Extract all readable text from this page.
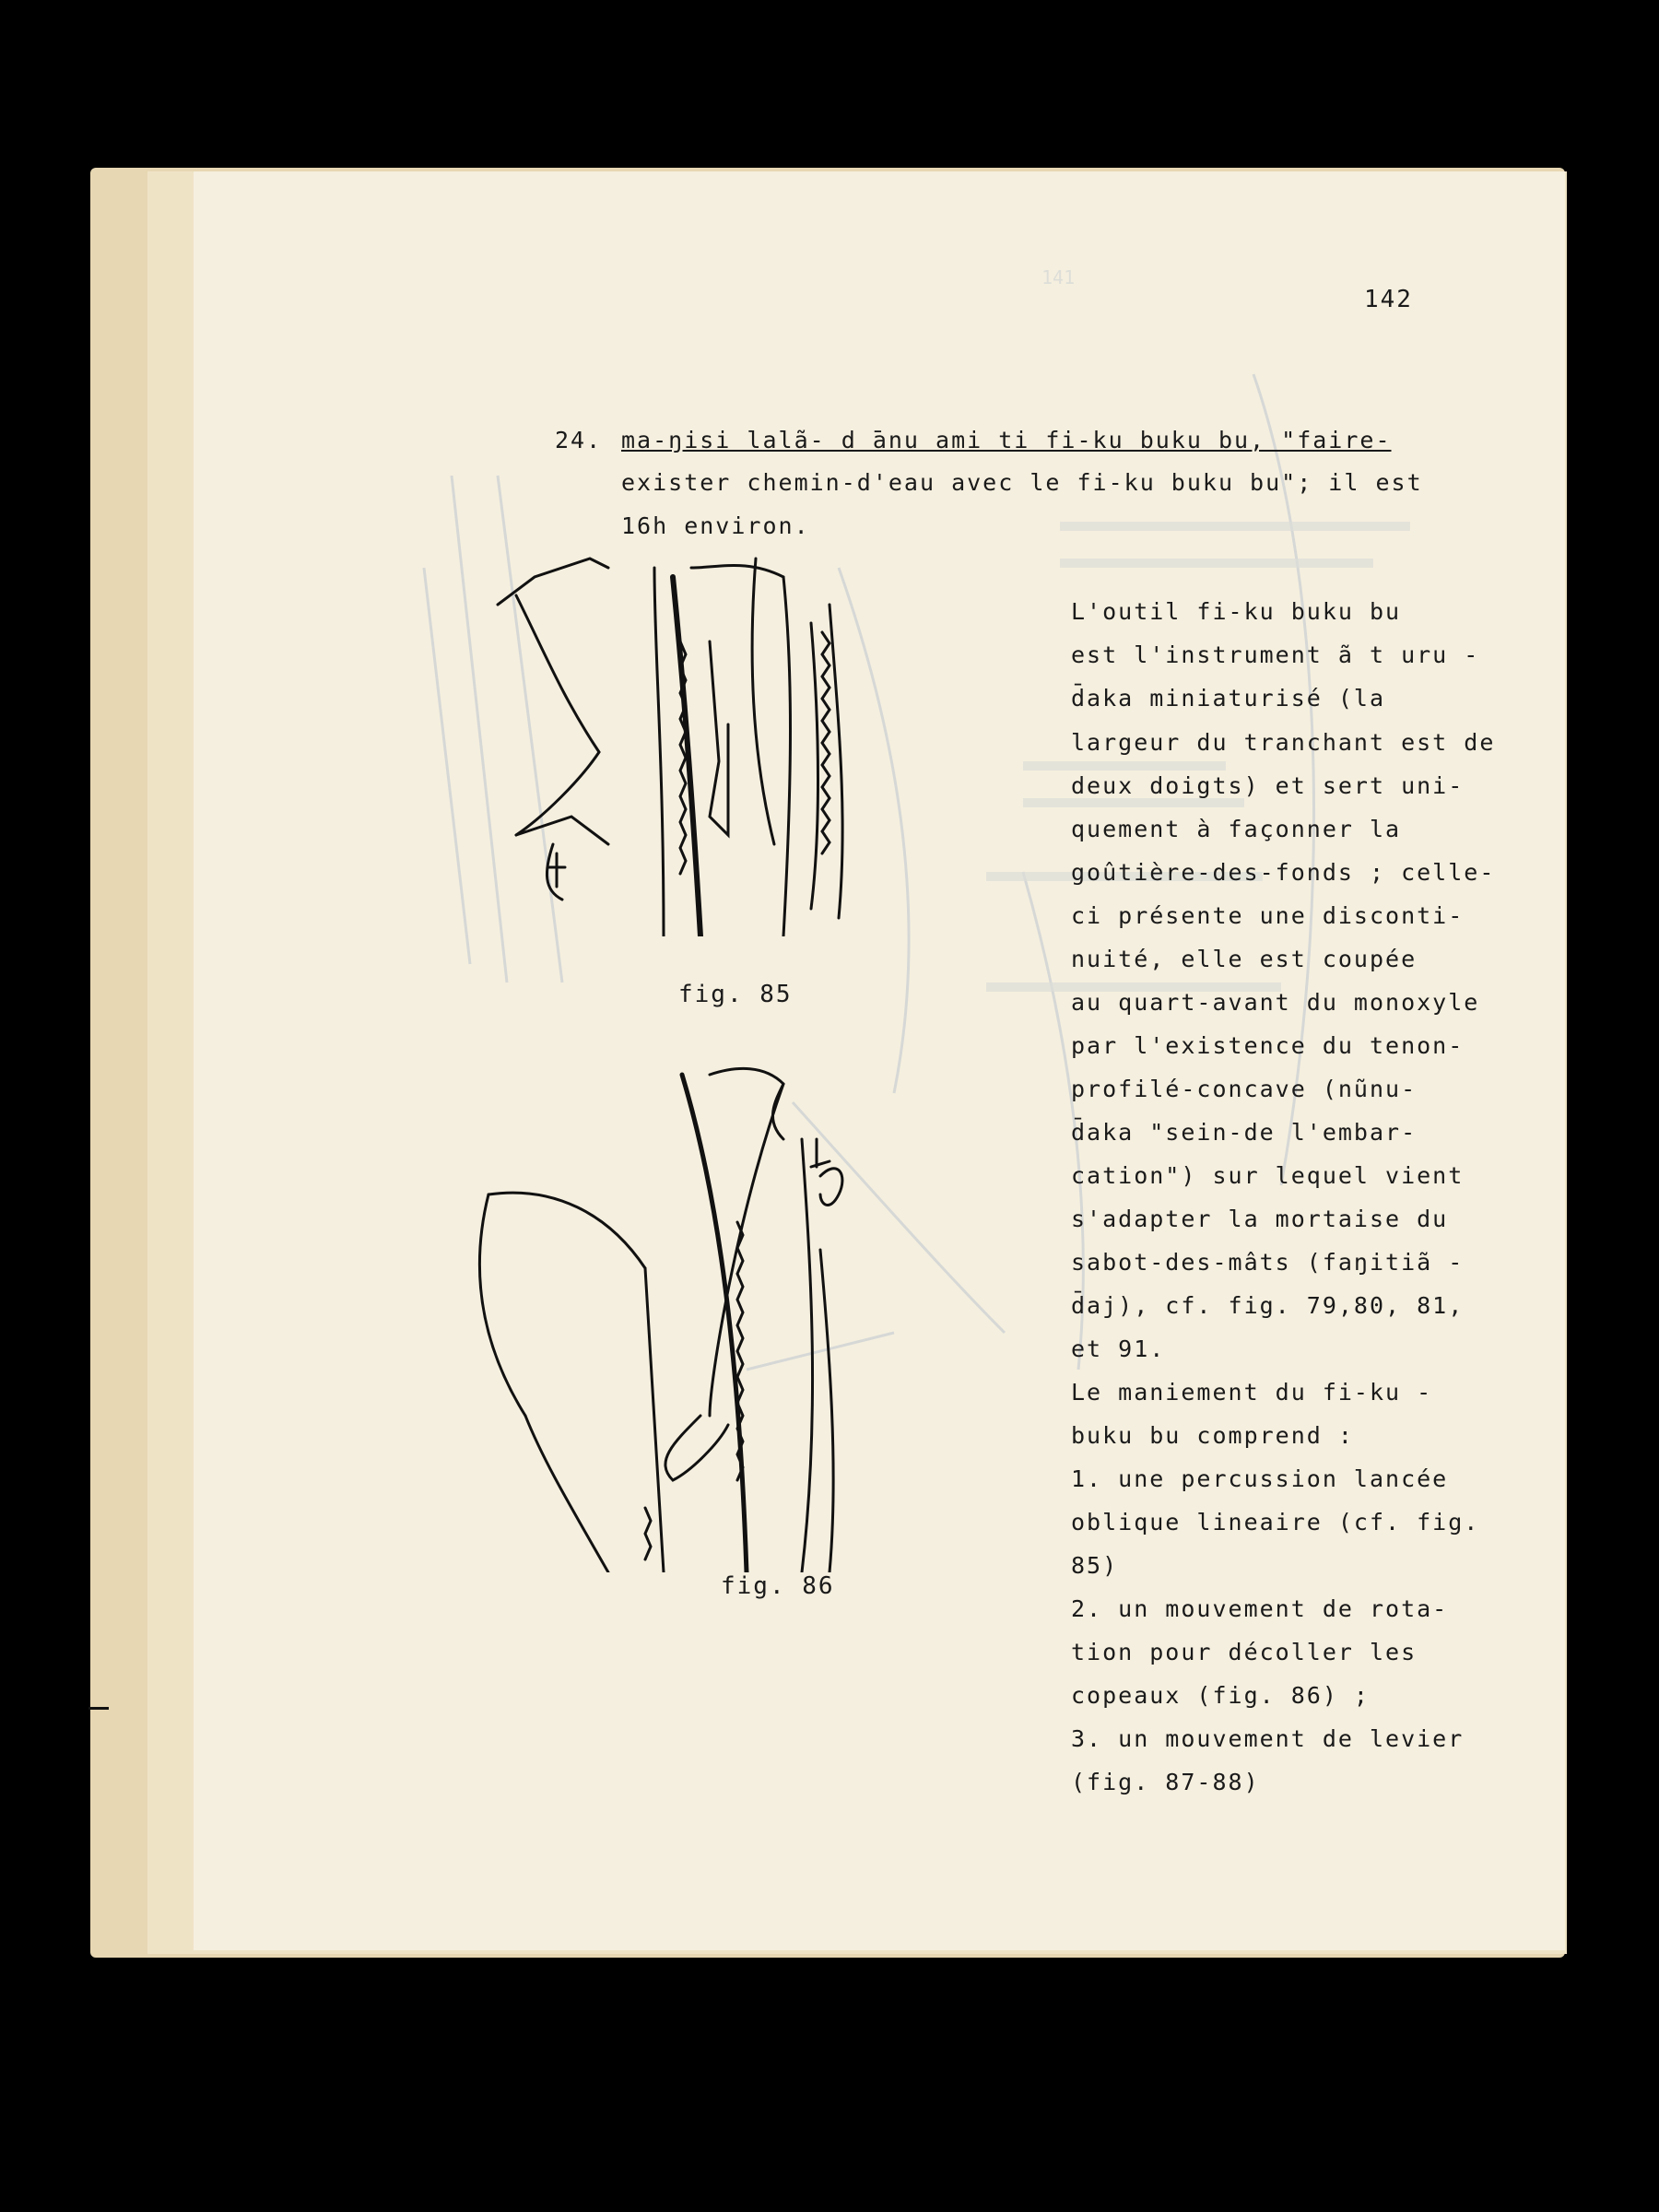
141
142
24. ma-ŋisi lalã- d ̄anu ami ti fi-ku buku bu, "faire-
exister chemin-d'eau avec le fi-ku buku bu"; il est
16h environ.
L'outil fi-ku buku bu
est l'instrument ã t uru -
d̄aka miniaturisé (la
largeur du tranchant est de
deux doigts) et sert uni-
quement à façonner la
goûtière-des-fonds ; celle-
ci présente une disconti-
nuité, elle est coupée
au quart-avant du monoxyle
par l'existence du tenon-
profilé-concave (nũnu-
d̄aka "sein-de l'embar-
cation") sur lequel vient
s'adapter la mortaise du
sabot-des-mâts (faŋitiã -
d̄aj), cf. fig. 79,80, 81,
et 91.
Le maniement du fi-ku -
buku bu comprend :
1. une percussion lancée
oblique lineaire (cf. fig.
85)
2. un mouvement de rota-
tion pour décoller les
copeaux (fig. 86) ;
3. un mouvement de levier
(fig. 87-88)
fig. 85
fig. 86
